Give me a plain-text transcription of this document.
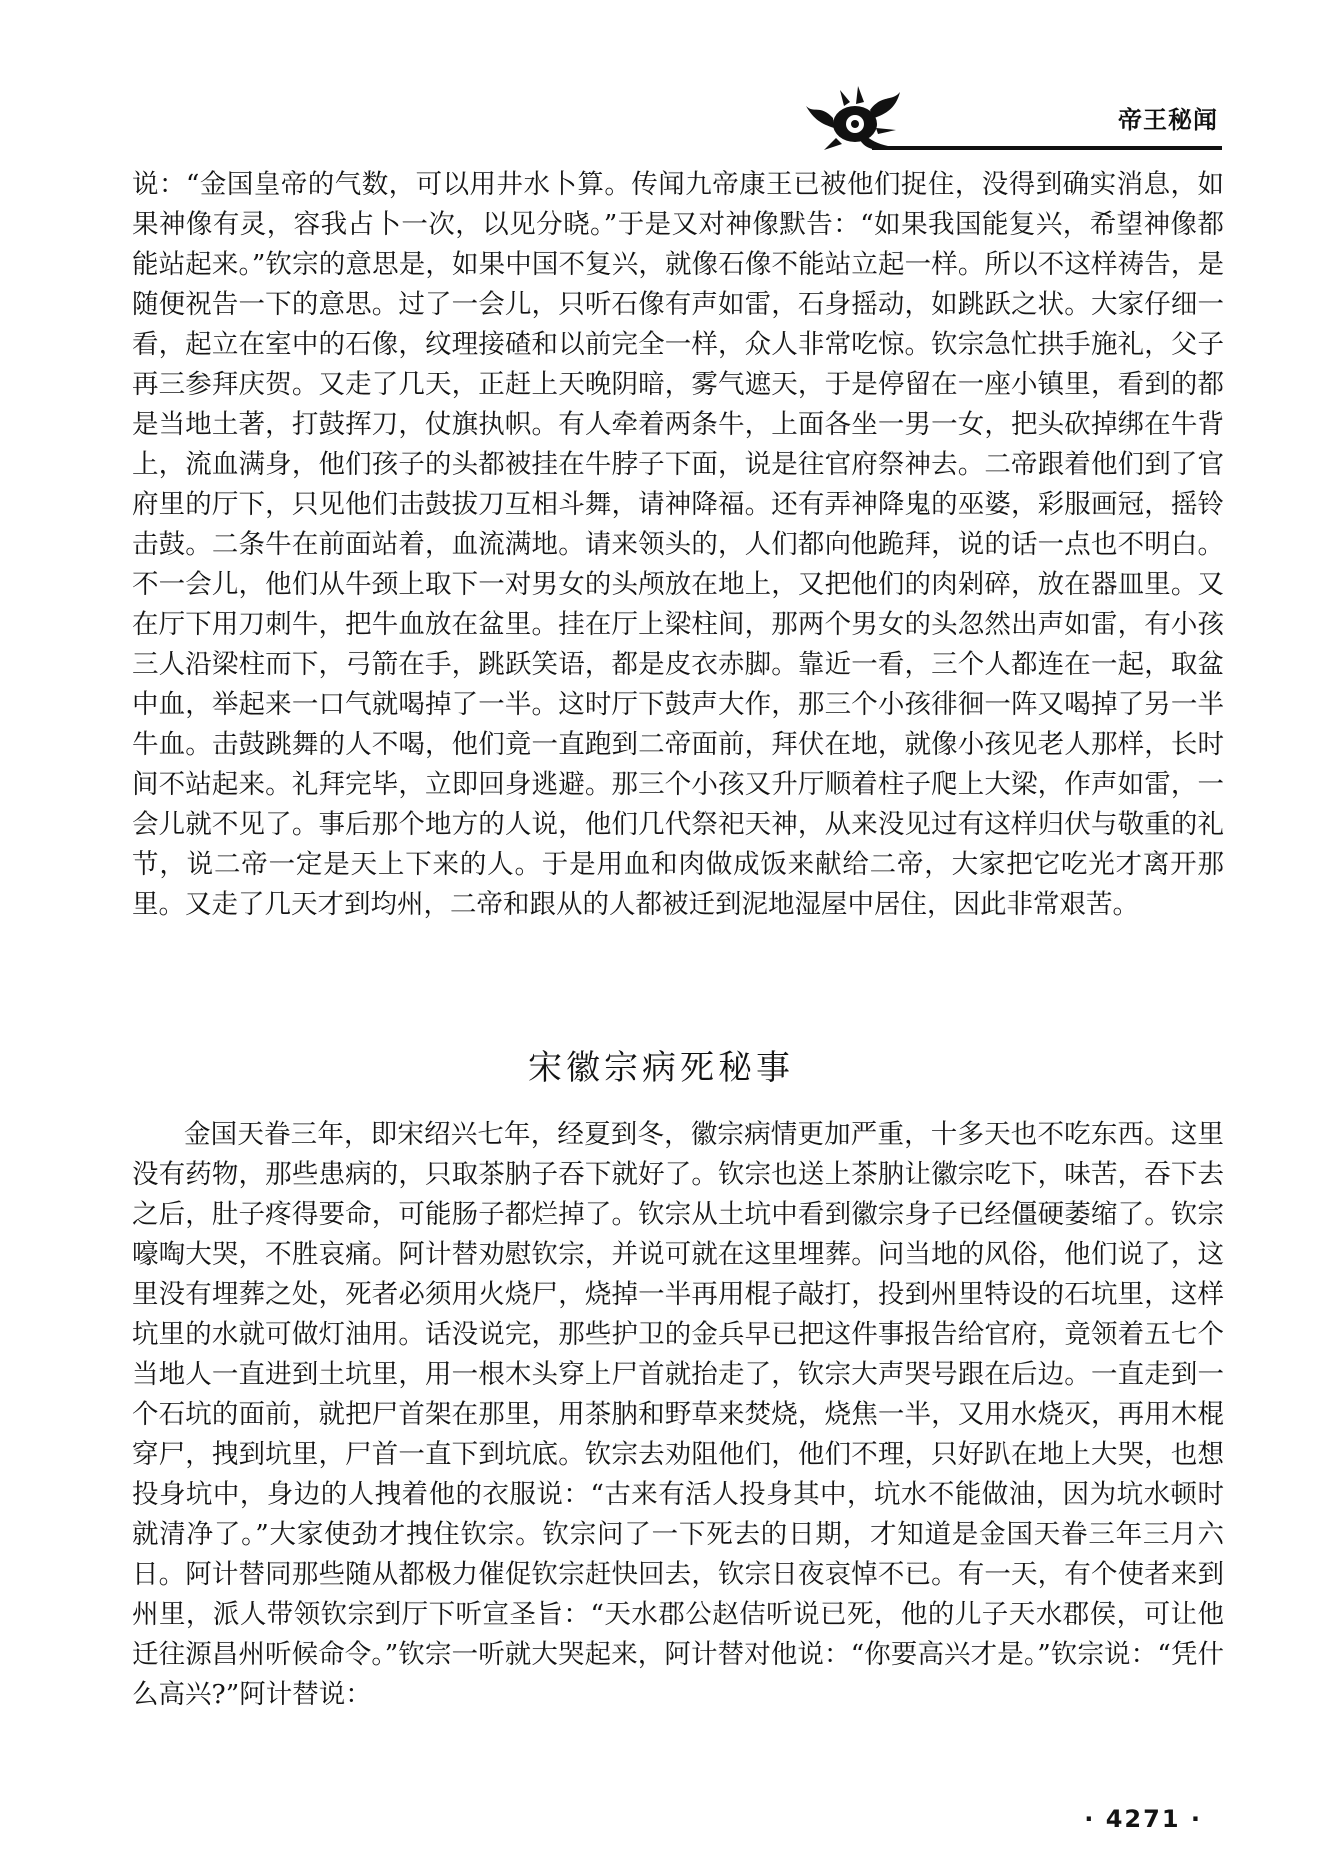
帝王秘闻

说：“金国皇帝的气数，可以用井水卜算。传闻九帝康王已被他们捉住，没得到确实消息，如果神像有灵，容我占卜一次，以见分晓。”于是又对神像默告：“如果我国能复兴，希望神像都能站起来。”钦宗的意思是，如果中国不复兴，就像石像不能站立起一样。所以不这样祷告，是随便祝告一下的意思。过了一会儿，只听石像有声如雷，石身摇动，如跳跃之状。大家仔细一看，起立在室中的石像，纹理接碴和以前完全一样，众人非常吃惊。钦宗急忙拱手施礼，父子再三参拜庆贺。又走了几天，正赶上天晚阴暗，雾气遮天，于是停留在一座小镇里，看到的都是当地土著，打鼓挥刀，仗旗执帜。有人牵着两条牛，上面各坐一男一女，把头砍掉绑在牛背上，流血满身，他们孩子的头都被挂在牛脖子下面，说是往官府祭神去。二帝跟着他们到了官府里的厅下，只见他们击鼓拔刀互相斗舞，请神降福。还有弄神降鬼的巫婆，彩服画冠，摇铃击鼓。二条牛在前面站着，血流满地。请来领头的，人们都向他跪拜，说的话一点也不明白。不一会儿，他们从牛颈上取下一对男女的头颅放在地上，又把他们的肉剁碎，放在器皿里。又在厅下用刀刺牛，把牛血放在盆里。挂在厅上梁柱间，那两个男女的头忽然出声如雷，有小孩三人沿梁柱而下，弓箭在手，跳跃笑语，都是皮衣赤脚。靠近一看，三个人都连在一起，取盆中血，举起来一口气就喝掉了一半。这时厅下鼓声大作，那三个小孩徘徊一阵又喝掉了另一半牛血。击鼓跳舞的人不喝，他们竟一直跑到二帝面前，拜伏在地，就像小孩见老人那样，长时间不站起来。礼拜完毕，立即回身逃避。那三个小孩又升厅顺着柱子爬上大梁，作声如雷，一会儿就不见了。事后那个地方的人说，他们几代祭祀天神，从来没见过有这样归伏与敬重的礼节，说二帝一定是天上下来的人。于是用血和肉做成饭来献给二帝，大家把它吃光才离开那里。又走了几天才到均州，二帝和跟从的人都被迁到泥地湿屋中居住，因此非常艰苦。

宋徽宗病死秘事

金国天眷三年，即宋绍兴七年，经夏到冬，徽宗病情更加严重，十多天也不吃东西。这里没有药物，那些患病的，只取茶肭子吞下就好了。钦宗也送上茶肭让徽宗吃下，味苦，吞下去之后，肚子疼得要命，可能肠子都烂掉了。钦宗从土坑中看到徽宗身子已经僵硬萎缩了。钦宗嚎啕大哭，不胜哀痛。阿计替劝慰钦宗，并说可就在这里埋葬。问当地的风俗，他们说了，这里没有埋葬之处，死者必须用火烧尸，烧掉一半再用棍子敲打，投到州里特设的石坑里，这样坑里的水就可做灯油用。话没说完，那些护卫的金兵早已把这件事报告给官府，竟领着五七个当地人一直进到土坑里，用一根木头穿上尸首就抬走了，钦宗大声哭号跟在后边。一直走到一个石坑的面前，就把尸首架在那里，用茶肭和野草来焚烧，烧焦一半，又用水烧灭，再用木棍穿尸，拽到坑里，尸首一直下到坑底。钦宗去劝阻他们，他们不理，只好趴在地上大哭，也想投身坑中，身边的人拽着他的衣服说：“古来有活人投身其中，坑水不能做油，因为坑水顿时就清净了。”大家使劲才拽住钦宗。钦宗问了一下死去的日期，才知道是金国天眷三年三月六日。阿计替同那些随从都极力催促钦宗赶快回去，钦宗日夜哀悼不已。有一天，有个使者来到州里，派人带领钦宗到厅下听宣圣旨：“天水郡公赵佶听说已死，他的儿子天水郡侯，可让他迁往源昌州听候命令。”钦宗一听就大哭起来，阿计替对他说：“你要高兴才是。”钦宗说：“凭什么高兴?”阿计替说：

· 4271 ·
